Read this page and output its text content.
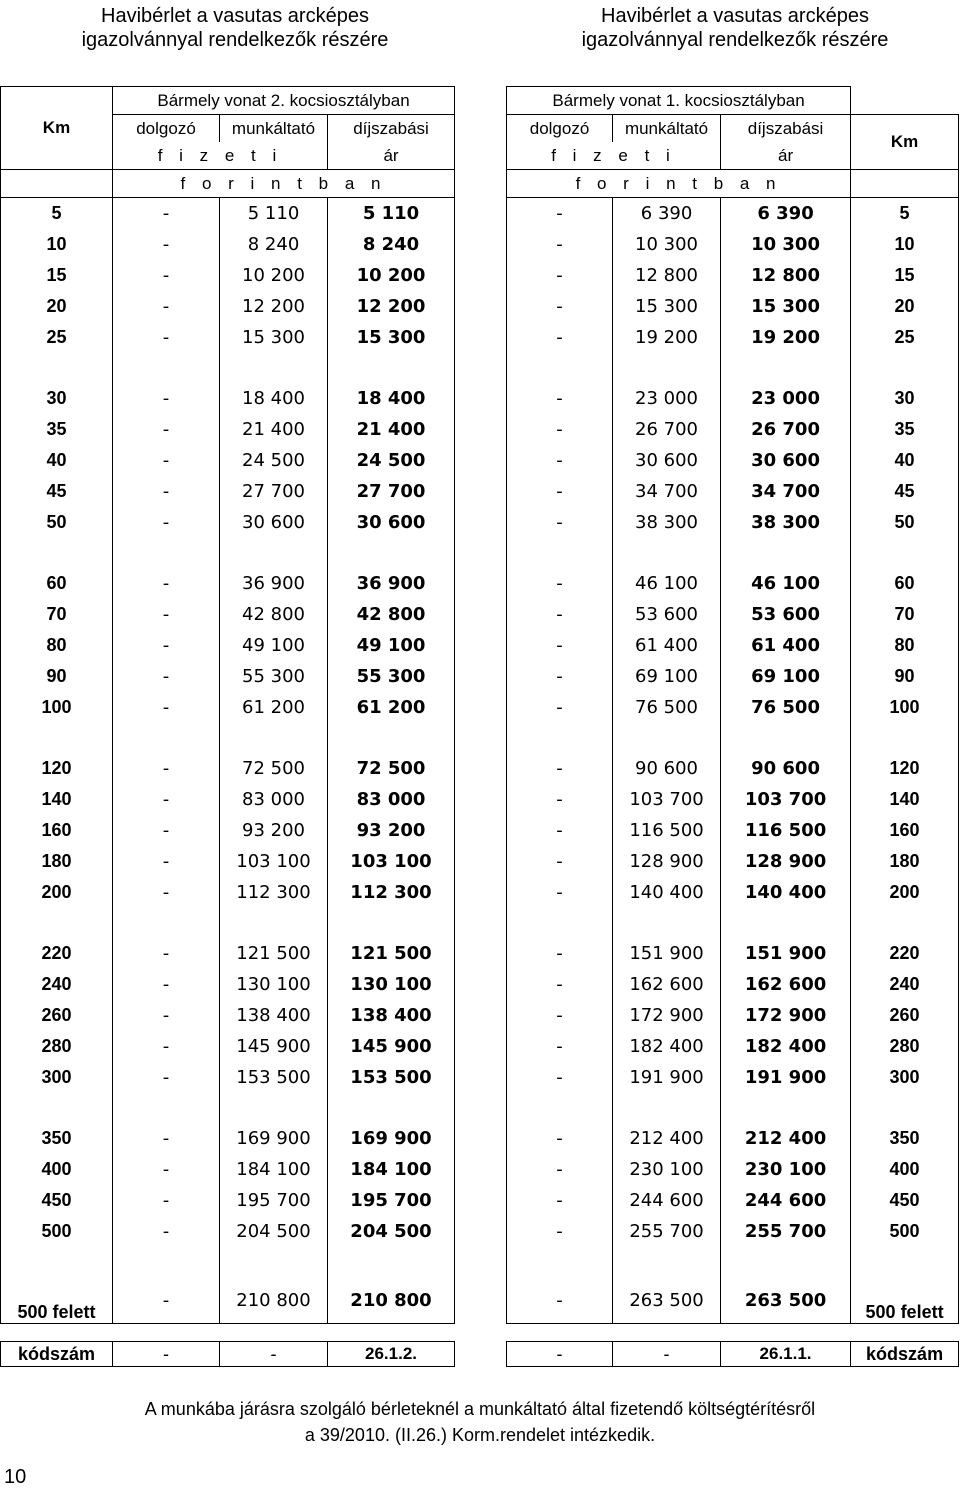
Havibérlet a vasutas arcképes
igazolvánnyal rendelkezők részére
Havibérlet a vasutas arcképes
igazolvánnyal rendelkezők részére
Km	Bármely vonat 2. kocsiosztályban				Bármely vonat 1. kocsiosztályban			
	dolgozó	munkáltató	díjszabási		dolgozó	munkáltató	díjszabási	Km
	f i z e t i		ár		f i z e t i		ár	
	f o r i n t b a n				f o r i n t b a n			
5	-	5 110	5 110		-	6 390	6 390	5
10	-	8 240	8 240		-	10 300	10 300	10
15	-	10 200	10 200		-	12 800	12 800	15
20	-	12 200	12 200		-	15 300	15 300	20
25	-	15 300	15 300		-	19 200	19 200	25

30	-	18 400	18 400		-	23 000	23 000	30
35	-	21 400	21 400		-	26 700	26 700	35
40	-	24 500	24 500		-	30 600	30 600	40
45	-	27 700	27 700		-	34 700	34 700	45
50	-	30 600	30 600		-	38 300	38 300	50

60	-	36 900	36 900		-	46 100	46 100	60
70	-	42 800	42 800		-	53 600	53 600	70
80	-	49 100	49 100		-	61 400	61 400	80
90	-	55 300	55 300		-	69 100	69 100	90
100	-	61 200	61 200		-	76 500	76 500	100

120	-	72 500	72 500		-	90 600	90 600	120
140	-	83 000	83 000		-	103 700	103 700	140
160	-	93 200	93 200		-	116 500	116 500	160
180	-	103 100	103 100		-	128 900	128 900	180
200	-	112 300	112 300		-	140 400	140 400	200

220	-	121 500	121 500		-	151 900	151 900	220
240	-	130 100	130 100		-	162 600	162 600	240
260	-	138 400	138 400		-	172 900	172 900	260
280	-	145 900	145 900		-	182 400	182 400	280
300	-	153 500	153 500		-	191 900	191 900	300

350	-	169 900	169 900		-	212 400	212 400	350
400	-	184 100	184 100		-	230 100	230 100	400
450	-	195 700	195 700		-	244 600	244 600	450
500	-	204 500	204 500		-	255 700	255 700	500

500 felett	-	210 800	210 800		-	263 500	263 500	500 felett

kódszám	-	-	26.1.2.		-	-	26.1.1.	kódszám
A munkába járásra szolgáló bérleteknél a munkáltató által fizetendő költségtérítésről
a 39/2010. (II.26.) Korm.rendelet intézkedik.
10
